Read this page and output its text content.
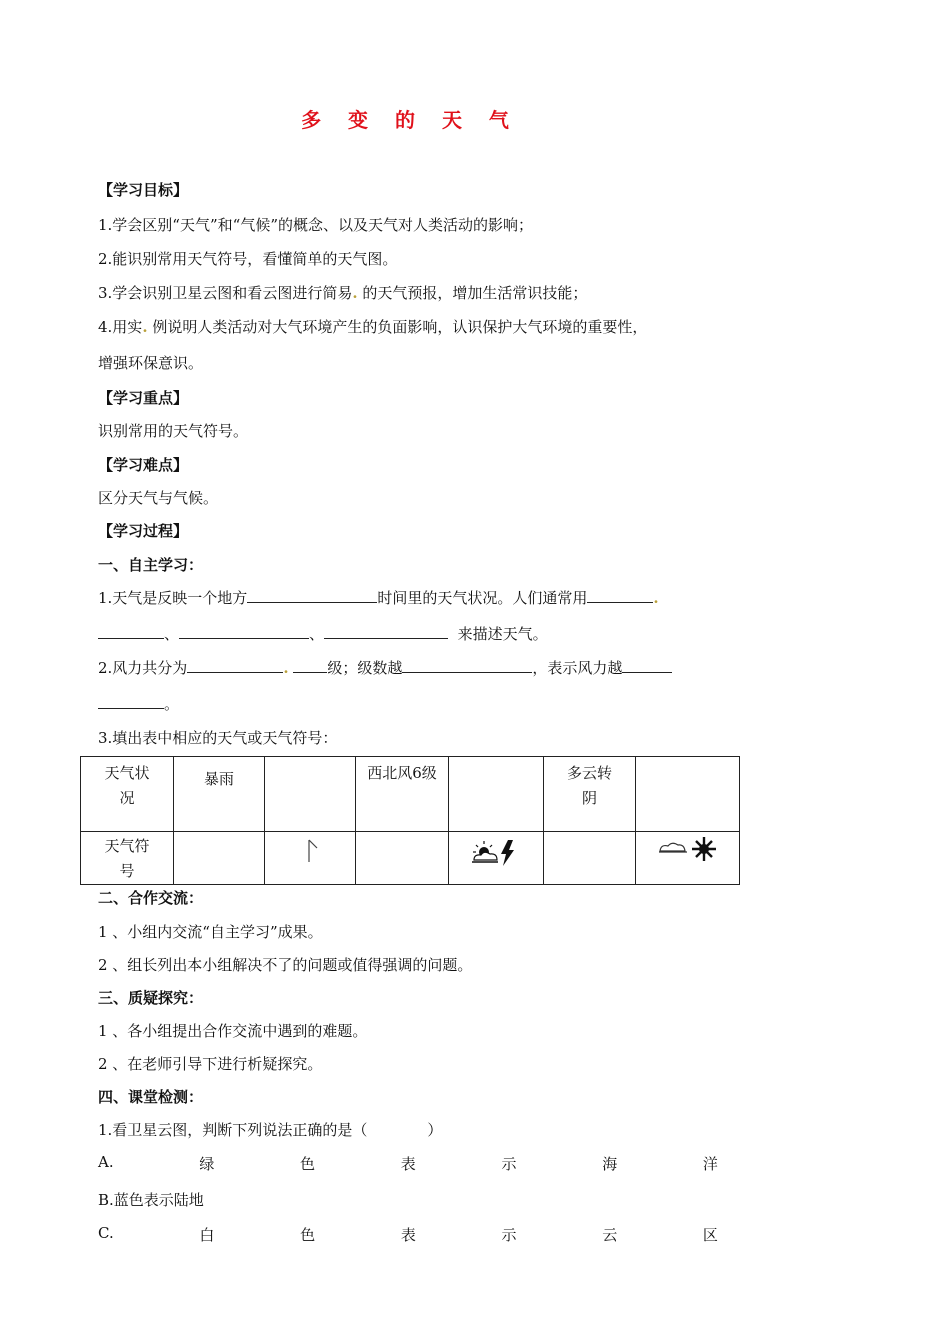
多 变 的 天 气
【学习目标】
1.学会区别“天气”和“气候”的概念、以及天气对人类活动的影响；
2.能识别常用天气符号，看懂简单的天气图。
3.学会识别卫星云图和看云图进行简易. 的天气预报，增加生活常识技能；
4.用实. 例说明人类活动对大气环境产生的负面影响，认识保护大气环境的重要性，
增强环保意识。
【学习重点】
识别常用的天气符号。
【学习难点】
区分天气与气候。
【学习过程】
一、自主学习：
1.天气是反映一个地方	时间里的天气状况。人们通常用	.
、	、	来描述天气。
2.风力共分为	.	级；级数越	，表示风力越
。
3.填出表中相应的天气或天气符号：
天气状况	暴雨		西北风6级		多云转阴	

天气符号

二、合作交流：
1 、小组内交流“自主学习”成果。
2 、组长列出本小组解决不了的问题或值得强调的问题。
三、质疑探究：
1 、各小组提出合作交流中遇到的难题。
2 、在老师引导下进行析疑探究。
四、课堂检测：
1.看卫星云图，判断下列说法正确的是（　　　　）
A.	绿	色	表	示	海	洋
B.蓝色表示陆地
C.	白	色	表	示	云	区
